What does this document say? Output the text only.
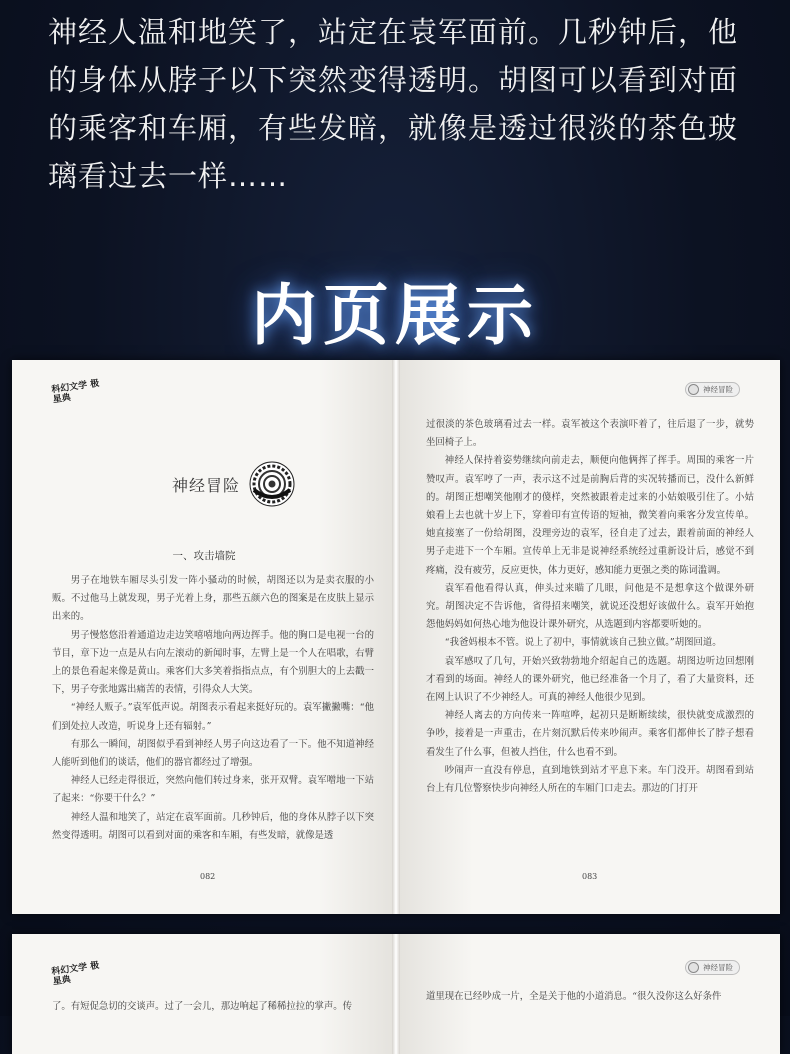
神经人温和地笑了，站定在袁军面前。几秒钟后，他

的身体从脖子以下突然变得透明。胡图可以看到对面

的乘客和车厢，有些发暗，就像是透过很淡的茶色玻

璃看过去一样……

内页展示
科幻文学 极星典
神经冒险
一、攻击墙院

男子在地铁车厢尽头引发一阵小骚动的时候，胡图还以为是卖衣服的小贩。不过他马上就发现，男子光着上身，那些五颜六色的图案是在皮肤上显示出来的。

男子慢悠悠沿着通道边走边笑嘻嘻地向两边挥手。他的胸口是电视一台的节目，章下边一点是从右向左滚动的新闻时事，左臂上是一个人在唱歌，右臂上的景色看起来像是黄山。乘客们大多笑着指指点点，有个别胆大的上去戳一下，男子夸张地露出痛苦的表情，引得众人大笑。

“神经人贩子。”袁军低声说。胡图表示看起来挺好玩的。袁军撇撇嘴：“他们到处拉人改造，听说身上还有辐射。”

有那么一瞬间，胡图似乎看到神经人男子向这边看了一下。他不知道神经人能听到他们的谈话，他们的器官都经过了增强。

神经人已经走得很近，突然向他们转过身来，张开双臂。袁军噌地一下站了起来：“你要干什么？”

神经人温和地笑了，站定在袁军面前。几秒钟后，他的身体从脖子以下突然变得透明。胡图可以看到对面的乘客和车厢，有些发暗，就像是透

082
神经冒险

过很淡的茶色玻璃看过去一样。袁军被这个表演吓着了，往后退了一步，就势坐回椅子上。

神经人保持着姿势继续向前走去，顺便向他俩挥了挥手。周围的乘客一片赞叹声。袁军哼了一声，表示这不过是前胸后背的实况转播而已，没什么新鲜的。胡图正想嘲笑他刚才的傻样，突然被跟着走过来的小姑娘吸引住了。小姑娘看上去也就十岁上下，穿着印有宣传语的短袖，微笑着向乘客分发宣传单。她直接塞了一份给胡图，没理旁边的袁军，径自走了过去，跟着前面的神经人男子走进下一个车厢。宣传单上无非是说神经系统经过重新设计后，感觉不到疼痛，没有疲劳，反应更快，体力更好，感知能力更强之类的陈词滥调。

袁军看他看得认真，伸头过来瞄了几眼，问他是不是想拿这个做课外研究。胡图决定不告诉他，省得招来嘲笑，就说还没想好该做什么。袁军开始抱怨他妈妈如何热心地为他设计课外研究，从选题到内容都要听她的。

“我爸妈根本不管。说上了初中，事情就该自己独立做。”胡图回道。

袁军感叹了几句，开始兴致勃勃地介绍起自己的选题。胡图边听边回想刚才看到的场面。神经人的课外研究，他已经准备一个月了，看了大量资料，还在网上认识了不少神经人。可真的神经人他很少见到。

神经人离去的方向传来一阵喧哗，起初只是断断续续，很快就变成激烈的争吵，接着是一声重击，在片刻沉默后传来吵闹声。乘客们都伸长了脖子想看看发生了什么事，但被人挡住，什么也看不到。

吵闹声一直没有停息，直到地铁到站才平息下来。车门没开。胡图看到站台上有几位警察快步向神经人所在的车厢门口走去。那边的门打开

083
科幻文学 极星典

了。有短促急切的交谈声。过了一会儿，那边响起了稀稀拉拉的掌声。传

神经冒险

道里现在已经吵成一片，全是关于他的小道消息。“很久没你这么好条件
